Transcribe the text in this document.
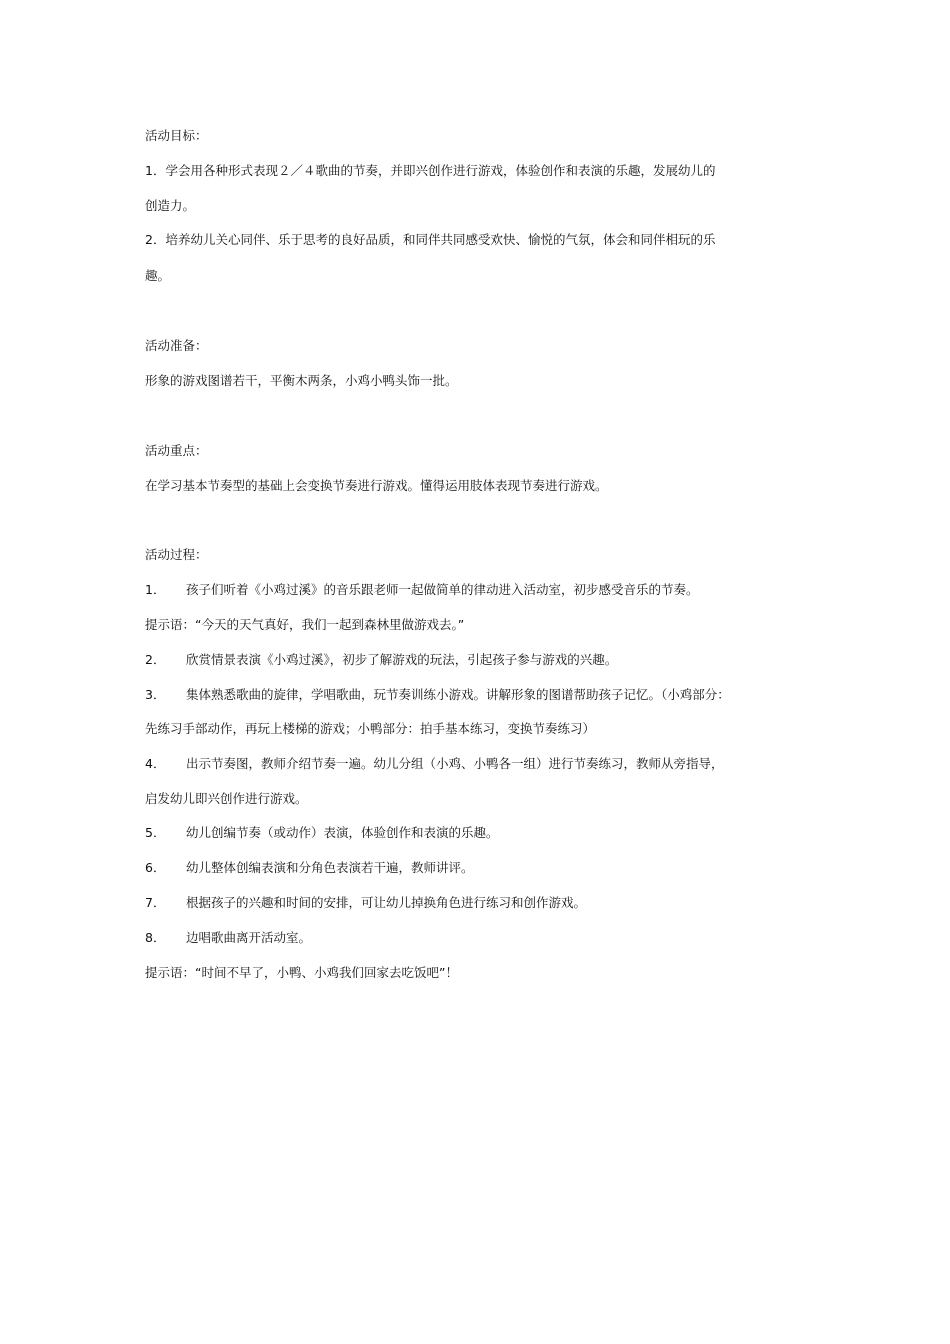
活动目标：
1．学会用各种形式表现２／４歌曲的节奏，并即兴创作进行游戏，体验创作和表演的乐趣，发展幼儿的
创造力。
2．培养幼儿关心同伴、乐于思考的良好品质，和同伴共同感受欢快、愉悦的气氛，体会和同伴相玩的乐
趣。
活动准备：
形象的游戏图谱若干，平衡木两条，小鸡小鸭头饰一批。
活动重点：
在学习基本节奏型的基础上会变换节奏进行游戏。懂得运用肢体表现节奏进行游戏。
活动过程：
1． 孩子们听着《小鸡过溪》的音乐跟老师一起做简单的律动进入活动室，初步感受音乐的节奏。
提示语：“今天的天气真好，我们一起到森林里做游戏去。”
2． 欣赏情景表演《小鸡过溪》，初步了解游戏的玩法，引起孩子参与游戏的兴趣。
3． 集体熟悉歌曲的旋律，学唱歌曲，玩节奏训练小游戏。讲解形象的图谱帮助孩子记忆。（小鸡部分：
先练习手部动作，再玩上楼梯的游戏；小鸭部分：拍手基本练习，变换节奏练习）
4． 出示节奏图，教师介绍节奏一遍。幼儿分组（小鸡、小鸭各一组）进行节奏练习，教师从旁指导，
启发幼儿即兴创作进行游戏。
5． 幼儿创编节奏（或动作）表演，体验创作和表演的乐趣。
6． 幼儿整体创编表演和分角色表演若干遍，教师讲评。
7． 根据孩子的兴趣和时间的安排，可让幼儿掉换角色进行练习和创作游戏。
8． 边唱歌曲离开活动室。
提示语：“时间不早了，小鸭、小鸡我们回家去吃饭吧”！
